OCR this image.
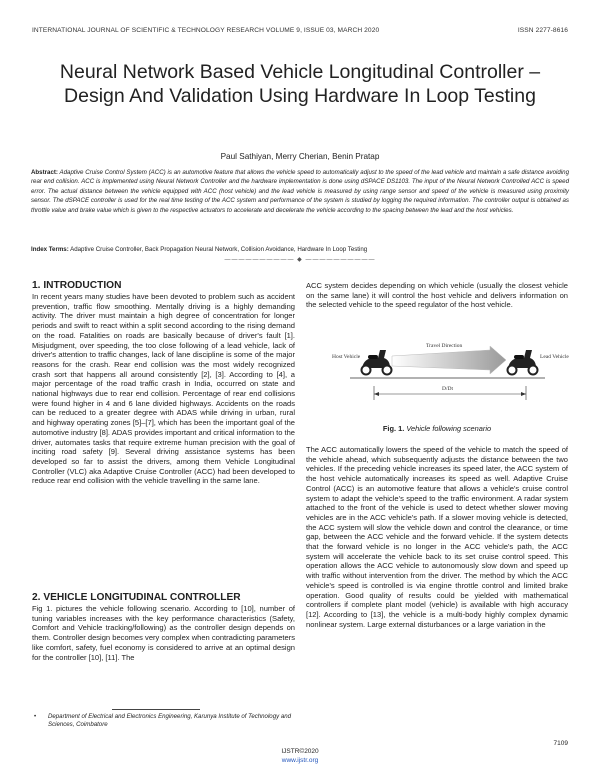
INTERNATIONAL JOURNAL OF SCIENTIFIC & TECHNOLOGY RESEARCH VOLUME 9, ISSUE 03, MARCH 2020	ISSN 2277-8616
Neural Network Based Vehicle Longitudinal Controller – Design And Validation Using Hardware In Loop Testing
Paul Sathiyan, Merry Cherian, Benin Pratap
Abstract: Adaptive Cruise Control System (ACC) is an automotive feature that allows the vehicle speed to automatically adjust to the speed of the lead vehicle and maintain a safe distance avoiding rear end collision. ACC is implemented using Neural Network Controller and the hardware implementation is done using dSPACE DS1103. The input of the Neural Network Controlled ACC is speed error. The actual distance between the vehicle equipped with ACC (host vehicle) and the lead vehicle is measured by using range sensor and speed of the vehicle is measured using proximity sensor. The dSPACE controller is used for the real time testing of the ACC system and performance of the system is studied by logging the required information. The controller output is obtained as throttle value and brake value which is given to the respective actuators to accelerate and decelerate the vehicle according to the spacing between the lead and the host vehicles.
Index Terms: Adaptive Cruise Controller, Back Propagation Neural Network, Collision Avoidance, Hardware In Loop Testing
—————————— ◆ ——————————
1. INTRODUCTION
In recent years many studies have been devoted to problem such as accident prevention, traffic flow smoothing. Mentally driving is a highly demanding activity. The driver must maintain a high degree of concentration for longer periods and swift to react within a split second according to the rising demand on the road. Fatalities on roads are basically because of driver's fault [1]. Misjudgment, over speeding, the too close following of a lead vehicle, lack of driver's attention to traffic changes, lack of lane discipline is some of the major reasons for the crash. Rear end collision was the most widely recognized crash sort that happens all around consistently [2], [3]. According to [4], a major percentage of the road traffic crash in India, occurred on state and national highways due to rear end collision. Percentage of rear end collisions were found higher in 4 and 6 lane divided highways. Accidents on the roads can be reduced to a greater degree with ADAS while driving in urban, rural and highway operating zones [5]–[7], which has been the important goal of the automotive industry [8]. ADAS provides important and critical information to the driver, automates tasks that require extreme human precision with the goal of inciting road safety [9]. Several driving assistance systems has been developed so far to assist the drivers, among them Vehicle Longitudinal Controller (VLC) aka Adaptive Cruise Controller (ACC) had been developed to reduce rear end collision with the vehicle travelling in the same lane.
2. VEHICLE LONGITUDINAL CONTROLLER
Fig 1. pictures the vehicle following scenario. According to [10], number of tuning variables increases with the key performance characteristics (Safety, Comfort and Vehicle tracking/following) as the controller design depends on them. Controller design becomes very complex when contradicting parameters like comfort, safety, fuel economy is considered to arrive at an optimal design for the controller [10], [11]. The
• Department of Electrical and Electronics Engineering, Karunya Institute of Technology and Sciences, Coimbatore
ACC system decides depending on which vehicle (usually the closest vehicle on the same lane) it will control the host vehicle and delivers information on the selected vehicle to the speed regulator of the host vehicle.
Travel Direction
Host Vehicle	Lead Vehicle
D/Dt
Fig. 1. Vehicle following scenario
The ACC automatically lowers the speed of the vehicle to match the speed of the vehicle ahead, which subsequently adjusts the distance between the two vehicles. If the preceding vehicle increases its speed later, the ACC system of the host vehicle automatically increases its speed as well. Adaptive Cruise Control (ACC) is an automotive feature that allows a vehicle's cruise control system to adapt the vehicle's speed to the traffic environment. A radar system attached to the front of the vehicle is used to detect whether slower moving vehicles are in the ACC vehicle's path. If a slower moving vehicle is detected, the ACC system will slow the vehicle down and control the clearance, or time gap, between the ACC vehicle and the forward vehicle. If the system detects that the forward vehicle is no longer in the ACC vehicle's path, the ACC system will accelerate the vehicle back to its set cruise control speed. This operation allows the ACC vehicle to autonomously slow down and speed up with traffic without intervention from the driver. The method by which the ACC vehicle's speed is controlled is via engine throttle control and limited brake operation. Good quality of results could be yielded with mathematical controllers if complete plant model (vehicle) is available with high accuracy [12]. According to [13], the vehicle is a multi-body highly complex dynamic nonlinear system. Large external disturbances or a large variation in the
7109
IJSTR©2020
www.ijstr.org
